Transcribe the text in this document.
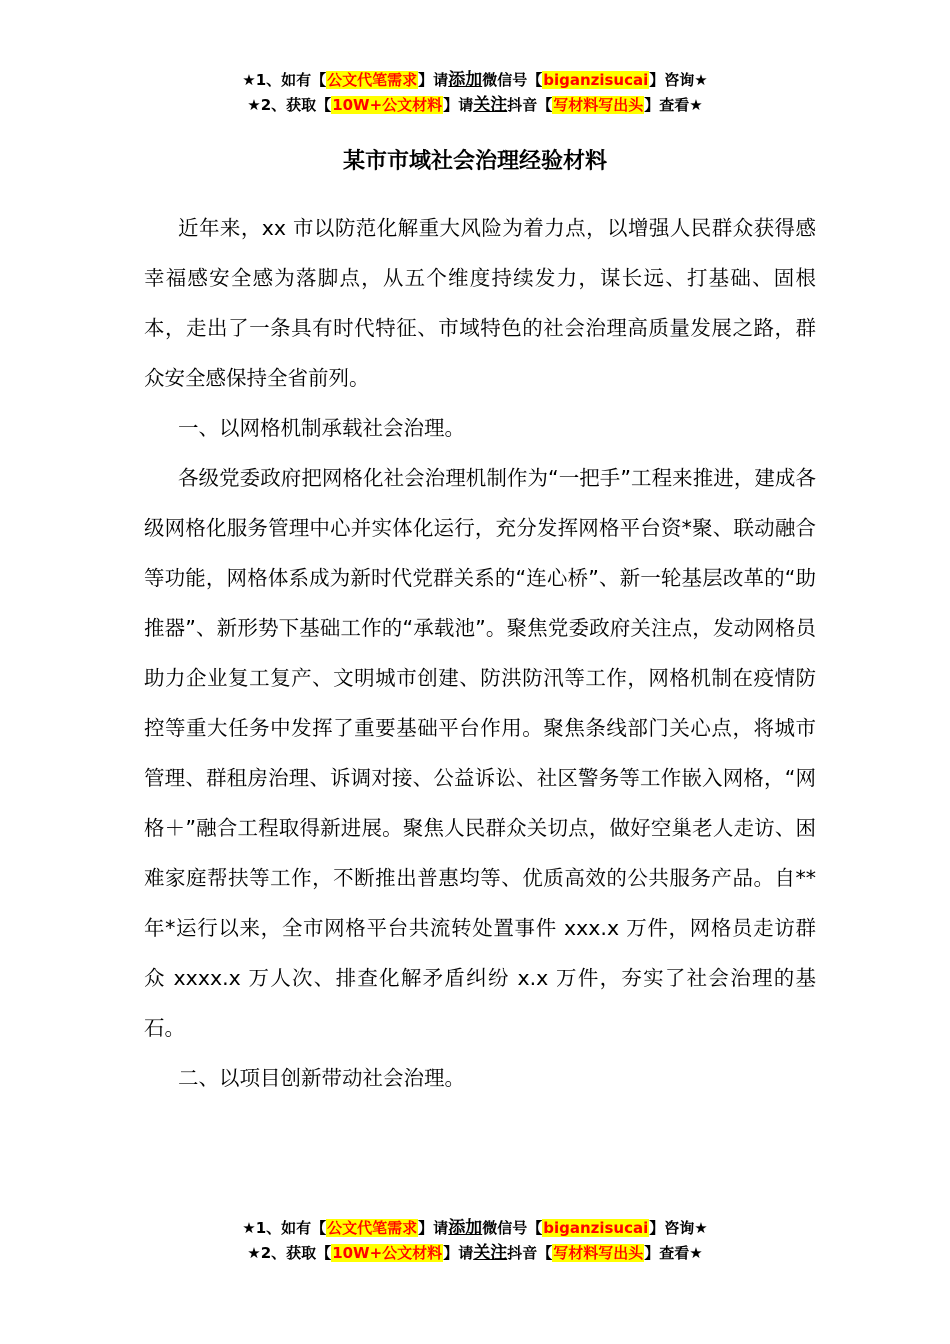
★1、如有【公文代笔需求】请添加微信号【biganzisucai】咨询★
★2、获取【10W+公文材料】请关注抖音【写材料写出头】查看★
某市市域社会治理经验材料

近年来，xx 市以防范化解重大风险为着力点，以增强人民群众获得感幸福感安全感为落脚点，从五个维度持续发力，谋长远、打基础、固根本，走出了一条具有时代特征、市域特色的社会治理高质量发展之路，群众安全感保持全省前列。

一、以网格机制承载社会治理。

各级党委政府把网格化社会治理机制作为“一把手”工程来推进，建成各级网格化服务管理中心并实体化运行，充分发挥网格平台资*聚、联动融合等功能，网格体系成为新时代党群关系的“连心桥”、新一轮基层改革的“助推器”、新形势下基础工作的“承载池”。聚焦党委政府关注点，发动网格员助力企业复工复产、文明城市创建、防洪防汛等工作，网格机制在疫情防控等重大任务中发挥了重要基础平台作用。聚焦条线部门关心点，将城市管理、群租房治理、诉调对接、公益诉讼、社区警务等工作嵌入网格，“网格＋”融合工程取得新进展。聚焦人民群众关切点，做好空巢老人走访、困难家庭帮扶等工作，不断推出普惠均等、优质高效的公共服务产品。自**年*运行以来，全市网格平台共流转处置事件 xxx.x 万件，网格员走访群众 xxxx.x 万人次、排查化解矛盾纠纷 x.x 万件，夯实了社会治理的基石。

二、以项目创新带动社会治理。

★1、如有【公文代笔需求】请添加微信号【biganzisucai】咨询★
★2、获取【10W+公文材料】请关注抖音【写材料写出头】查看★
